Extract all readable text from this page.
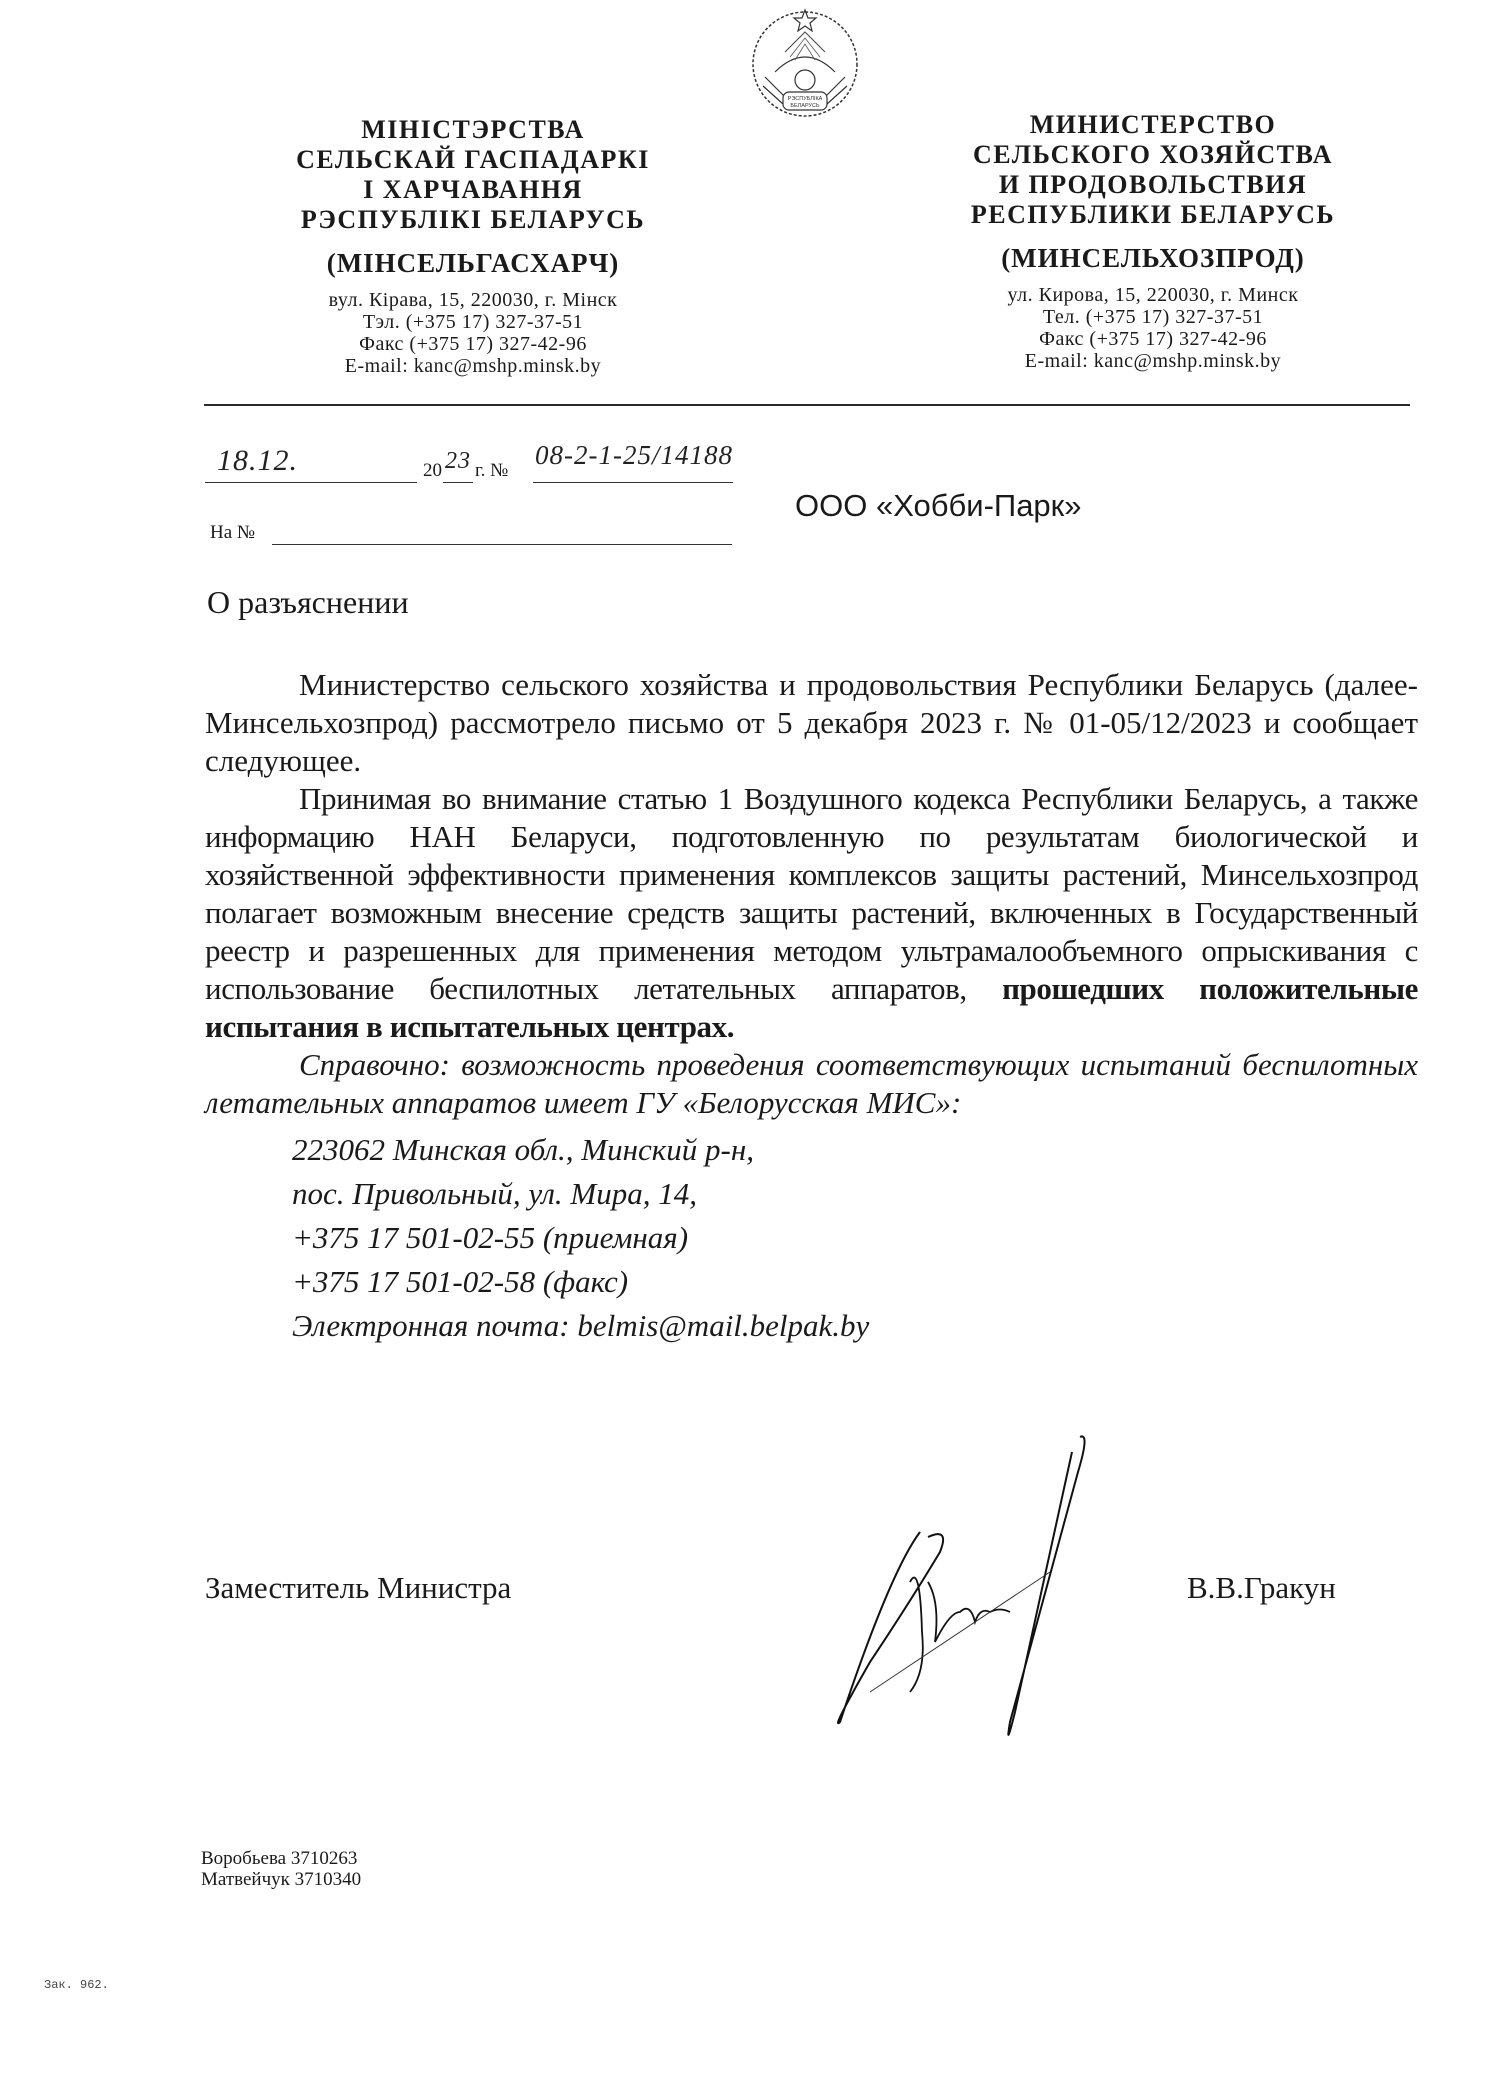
РЭСПУБЛІКА
БЕЛАРУСЬ
МІНІСТЭРСТВА
СЕЛЬСКАЙ ГАСПАДАРКІ
І ХАРЧАВАННЯ
РЭСПУБЛІКІ БЕЛАРУСЬ
(МІНСЕЛЬГАСХАРЧ)
вул. Кірава, 15, 220030, г. Мінск
Тэл. (+375 17) 327-37-51
Факс (+375 17) 327-42-96
E-mail: kanc@mshp.minsk.by
МИНИСТЕРСТВО
СЕЛЬСКОГО ХОЗЯЙСТВА
И ПРОДОВОЛЬСТВИЯ
РЕСПУБЛИКИ БЕЛАРУСЬ
(МИНСЕЛЬХОЗПРОД)
ул. Кирова, 15, 220030, г. Минск
Тел. (+375 17) 327-37-51
Факс (+375 17) 327-42-96
E-mail: kanc@mshp.minsk.by
18.12.	20 23 г. №
08-2-1-25/14188
На №
ООО «Хобби-Парк»
О разъяснении

Министерство сельского хозяйства и продовольствия Республики Беларусь (далее- Минсельхозпрод) рассмотрело письмо от 5 декабря 2023 г. № 01-05/12/2023 и сообщает следующее.

Принимая во внимание статью 1 Воздушного кодекса Республики Беларусь, а также информацию НАН Беларуси, подготовленную по результатам биологической и хозяйственной эффективности применения комплексов защиты растений, Минсельхозпрод полагает возможным внесение средств защиты растений, включенных в Государственный реестр и разрешенных для применения методом ультрамалообъемного опрыскивания с использование беспилотных летательных аппаратов, прошедших положительные испытания в испытательных центрах.

Справочно: возможность проведения соответствующих испытаний беспилотных летательных аппаратов имеет ГУ «Белорусская МИС»:

223062 Минская обл., Минский р-н,
пос. Привольный, ул. Мира, 14,
+375 17 501-02-55 (приемная)
+375 17 501-02-58 (факс)
Электронная почта: belmis@mail.belpak.by
Заместитель Министра	В.В.Гракун
Воробьева 3710263
Матвейчук 3710340
Зак. 962.
